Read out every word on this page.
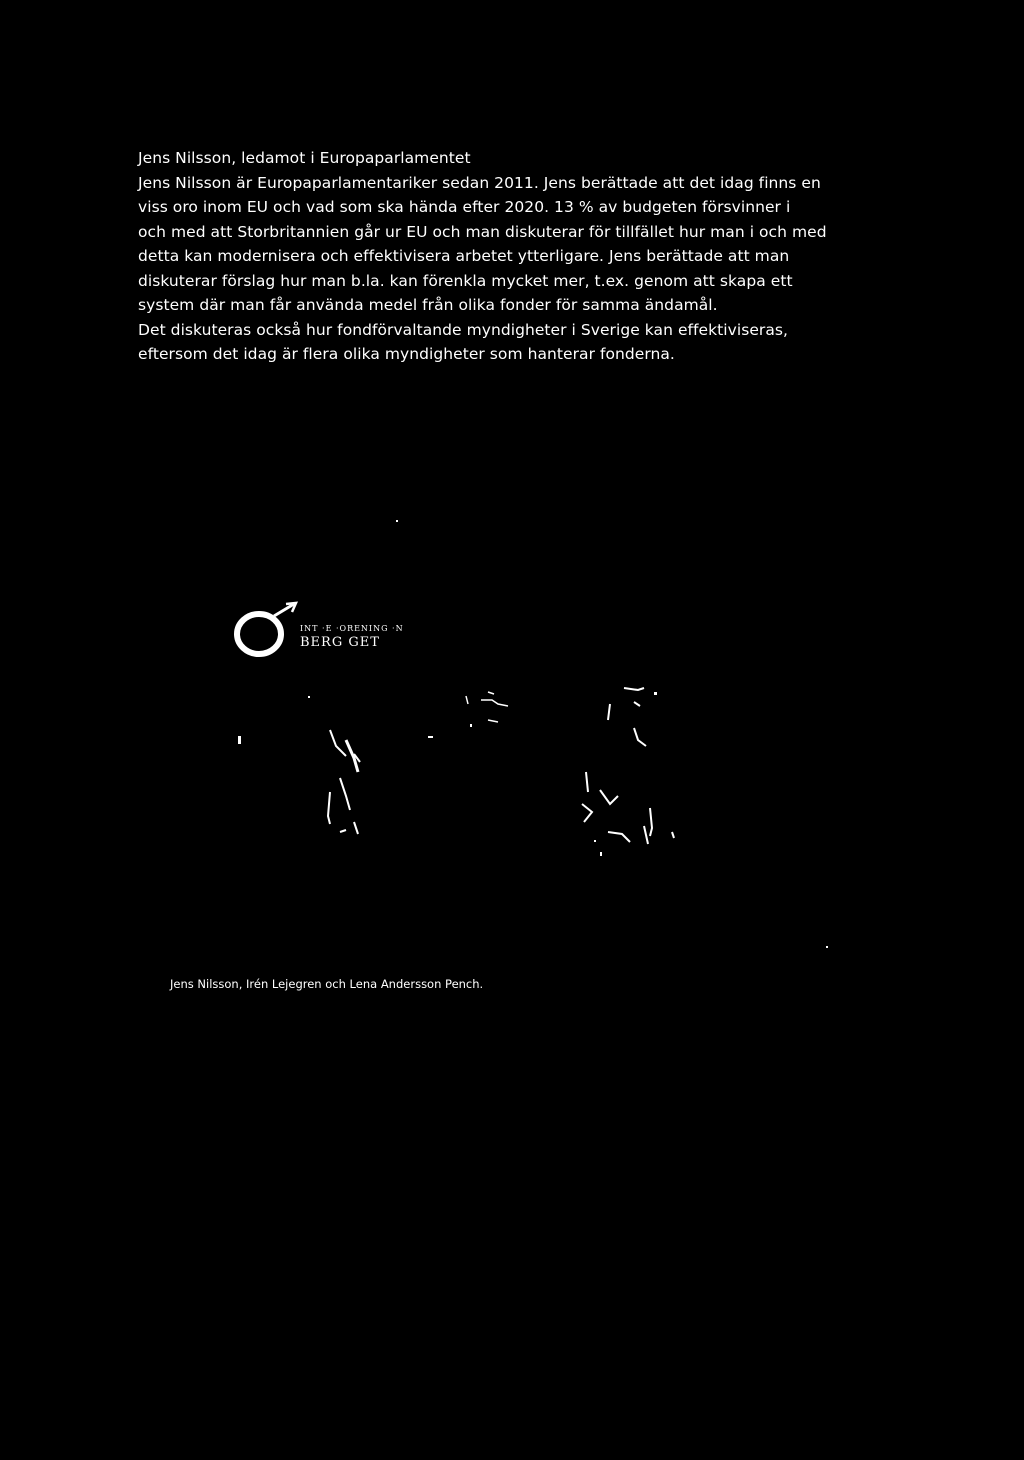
Jens Nilsson, ledamot i Europaparlamentet
Jens Nilsson är Europaparlamentariker sedan 2011. Jens berättade att det idag finns en
viss oro inom EU och vad som ska hända efter 2020. 13 % av budgeten försvinner i
och med att Storbritannien går ur EU och man diskuterar för tillfället hur man i och med
detta kan modernisera och effektivisera arbetet ytterligare. Jens berättade att man
diskuterar förslag hur man b.la. kan förenkla mycket mer, t.ex. genom att skapa ett
system där man får använda medel från olika fonder för samma ändamål.
Det diskuteras också hur fondförvaltande myndigheter i Sverige kan effektiviseras,
eftersom det idag är flera olika myndigheter som hanterar fonderna.
INT ·E ·ORENING ·N
BERG GET
Jens Nilsson, Irén Lejegren och Lena Andersson Pench.
